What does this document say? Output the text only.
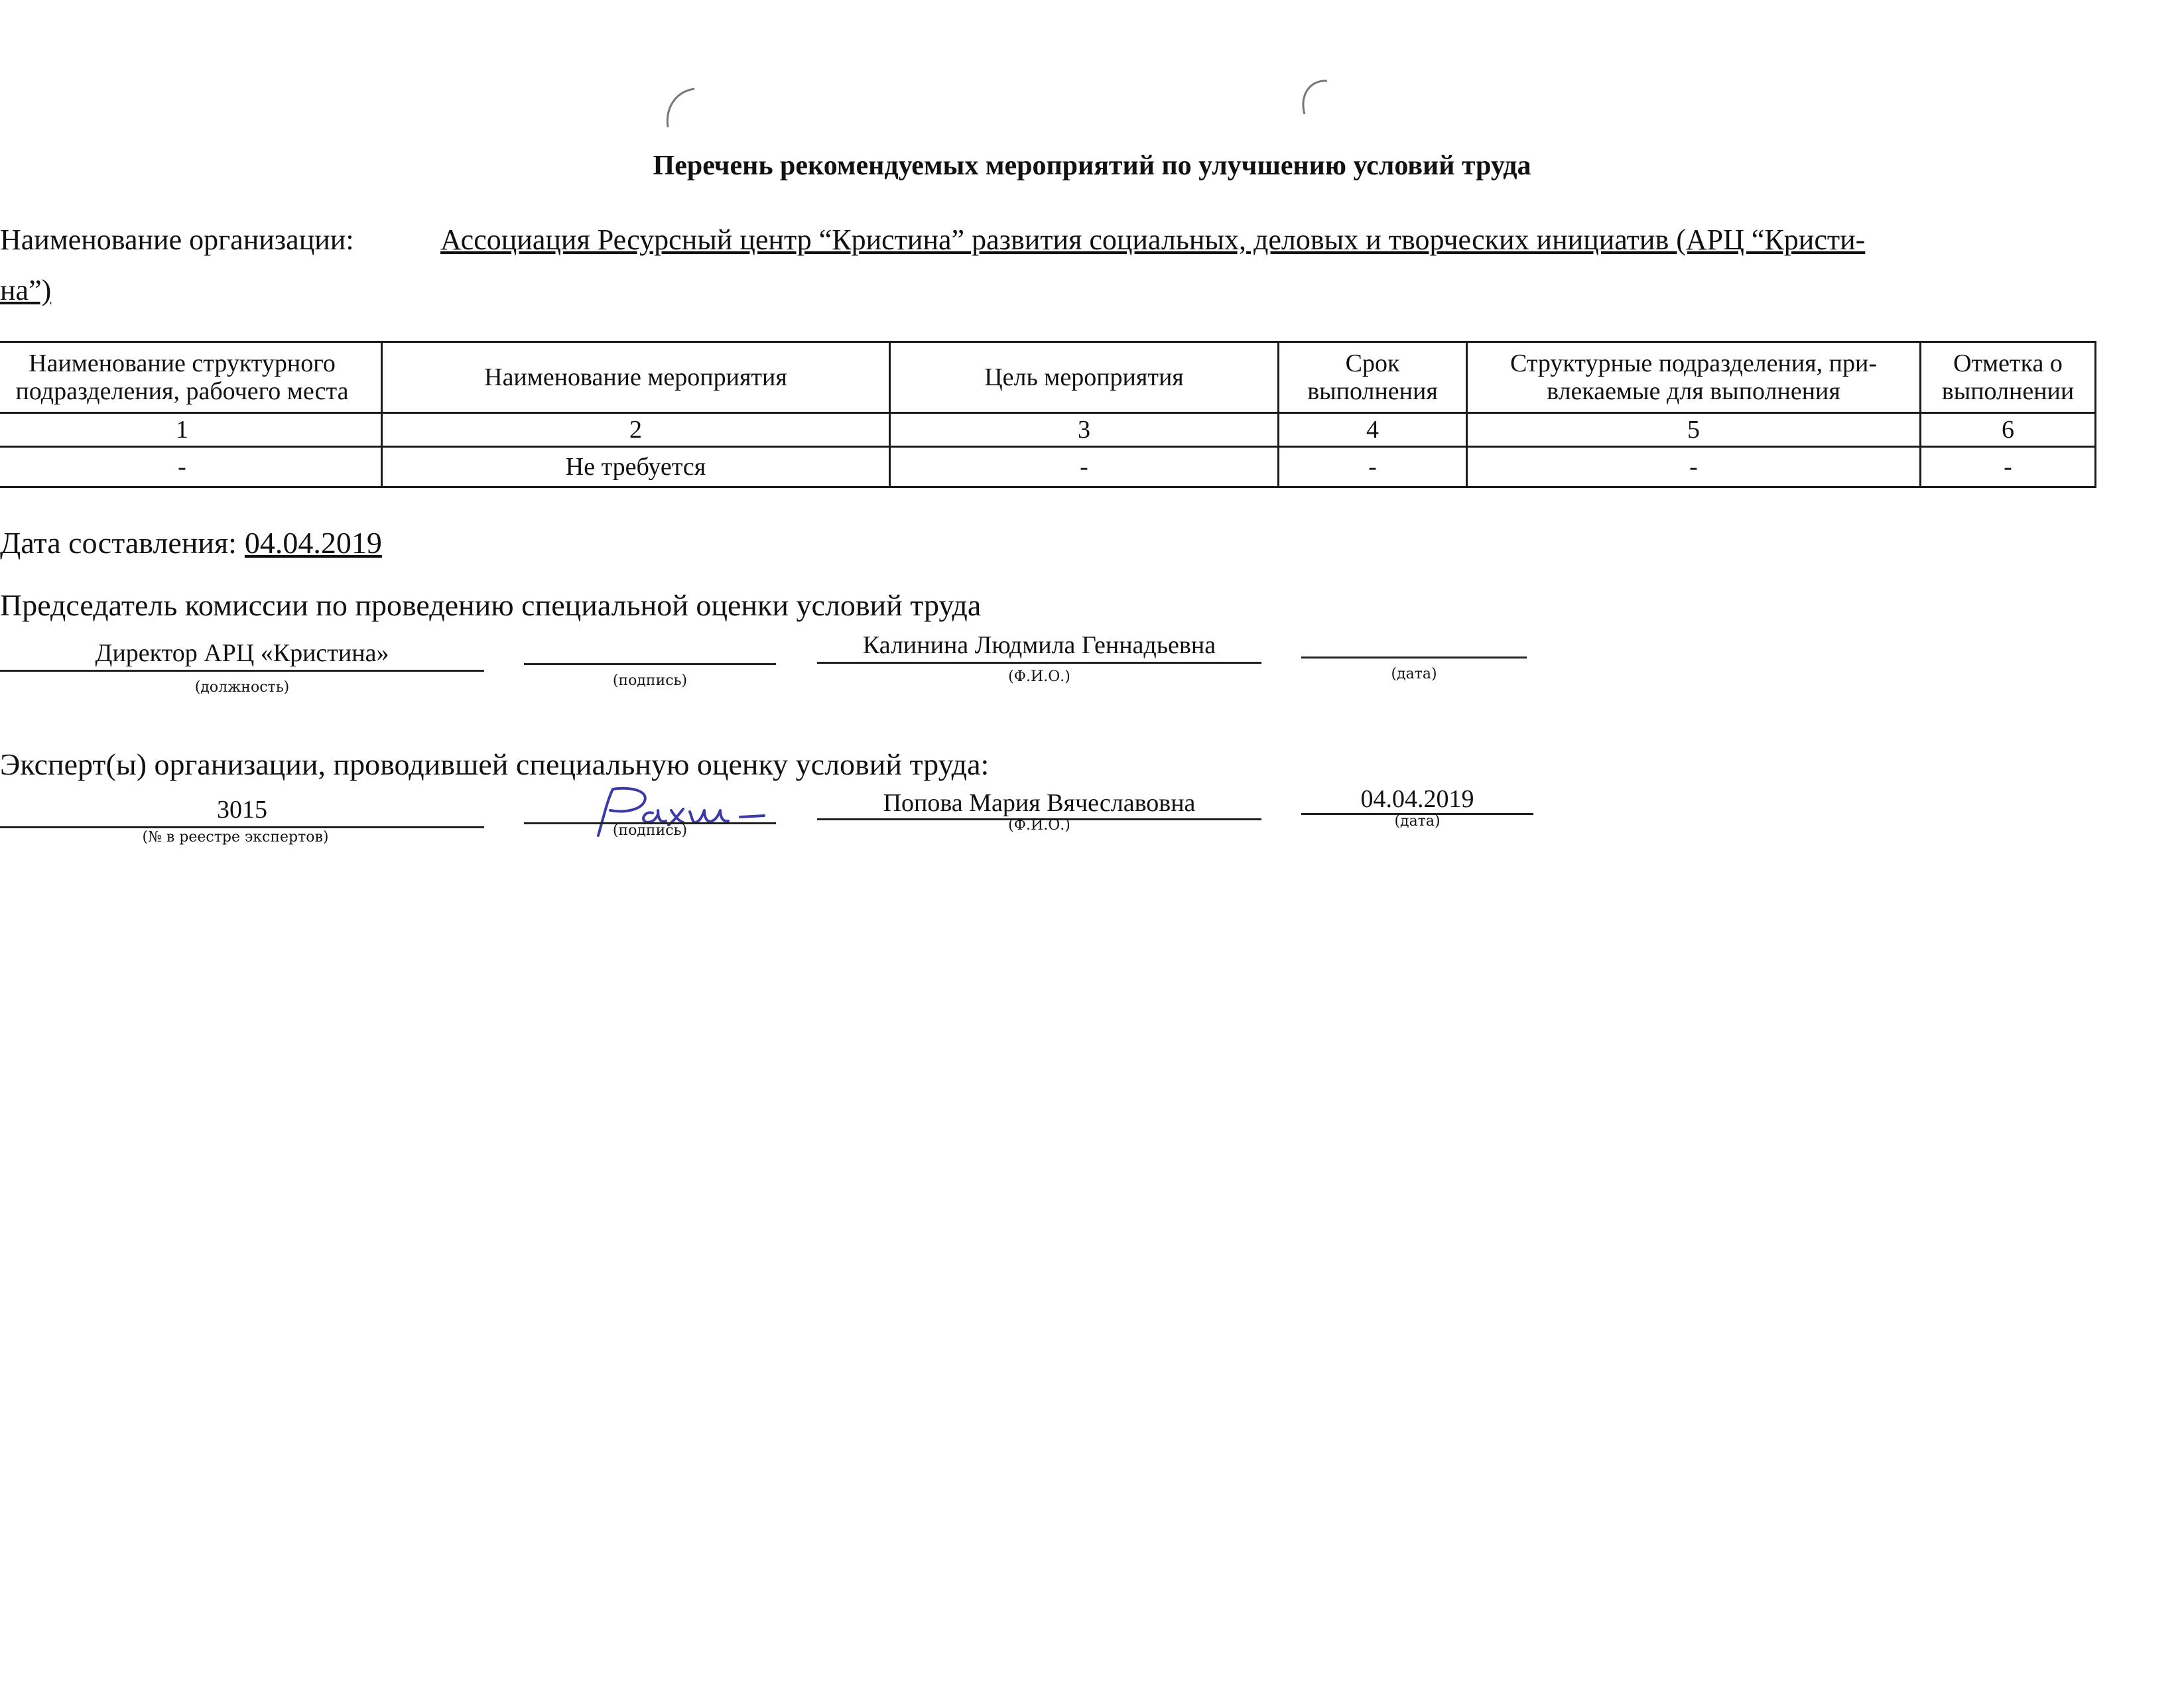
Перечень рекомендуемых мероприятий по улучшению условий труда
Наименование организации:	Ассоциация Ресурсный центр “Кристина” развития социальных, деловых и творческих инициатив (АРЦ “Кристи-
на”)
Наименование структурного подразделения, рабочего места	Наименование мероприятия	Цель мероприятия	Срок выполнения	Структурные подразделения, при-влекаемые для выполнения	Отметка о выполнении
1	2	3	4	5	6
-	Не требуется	-	-	-	-
Дата составления: 04.04.2019
Председатель комиссии по проведению специальной оценки условий труда
Директор АРЦ «Кристина»
(должность)	(подпись)
Калинина Людмила Геннадьевна
(Ф.И.О.)	(дата)
Эксперт(ы) организации, проводившей специальную оценку условий труда:
3015
(№ в реестре экспертов)	(подпись)
Попова Мария Вячеславовна
(Ф.И.О.)
04.04.2019
(дата)
